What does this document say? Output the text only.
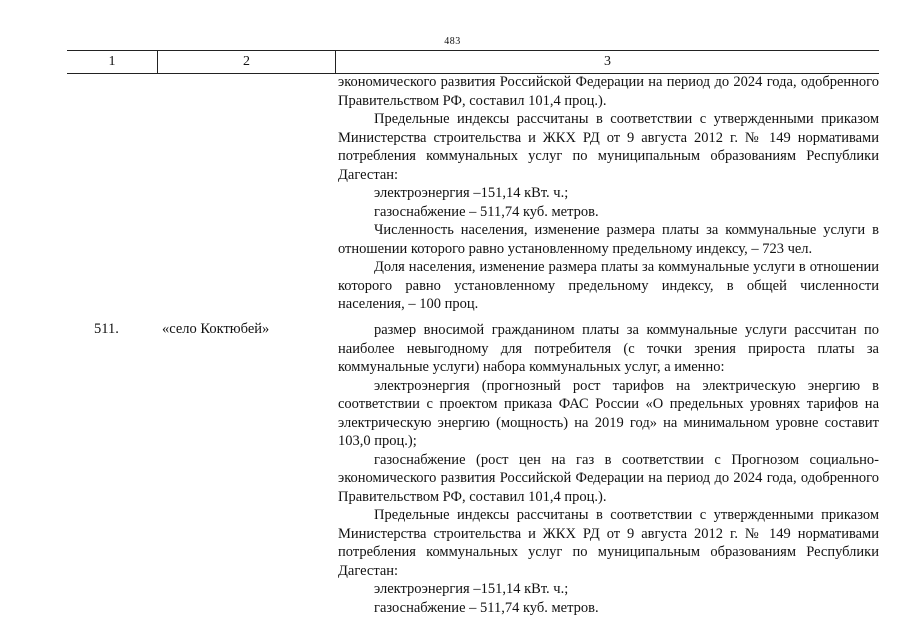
483
1	2	3

экономического развития Российской Федерации на период до 2024 года, одобренного Правительством РФ, составил 101,4 проц.).

Предельные индексы рассчитаны в соответствии с утвержденными приказом Министерства строительства и ЖКХ РД от 9 августа 2012 г. № 149 нормативами потребления коммунальных услуг по муниципальным образованиям Республики Дагестан:

электроэнергия –151,14 кВт. ч.;

газоснабжение – 511,74 куб. метров.

Численность населения, изменение размера платы за коммунальные услуги в отношении которого равно установленному предельному индексу, – 723 чел.

Доля населения, изменение размера платы за коммунальные услуги в отношении которого равно установленному предельному индексу, в общей численности населения, – 100 проц.

511.	«село Коктюбей»	размер вносимой гражданином платы за коммунальные услуги рассчитан по наиболее невыгодному для потребителя (с точки зрения прироста платы за коммунальные услуги) набора коммунальных услуг, а именно:

электроэнергия (прогнозный рост тарифов на электрическую энергию в соответствии с проектом приказа ФАС России «О предельных уровнях тарифов на электрическую энергию (мощность) на 2019 год» на минимальном уровне составит 103,0 проц.);

газоснабжение (рост цен на газ в соответствии с Прогнозом социально-экономического развития Российской Федерации на период до 2024 года, одобренного Правительством РФ, составил 101,4 проц.).

Предельные индексы рассчитаны в соответствии с утвержденными приказом Министерства строительства и ЖКХ РД от 9 августа 2012 г. № 149 нормативами потребления коммунальных услуг по муниципальным образованиям Республики Дагестан:

электроэнергия –151,14 кВт. ч.;

газоснабжение – 511,74 куб. метров.
